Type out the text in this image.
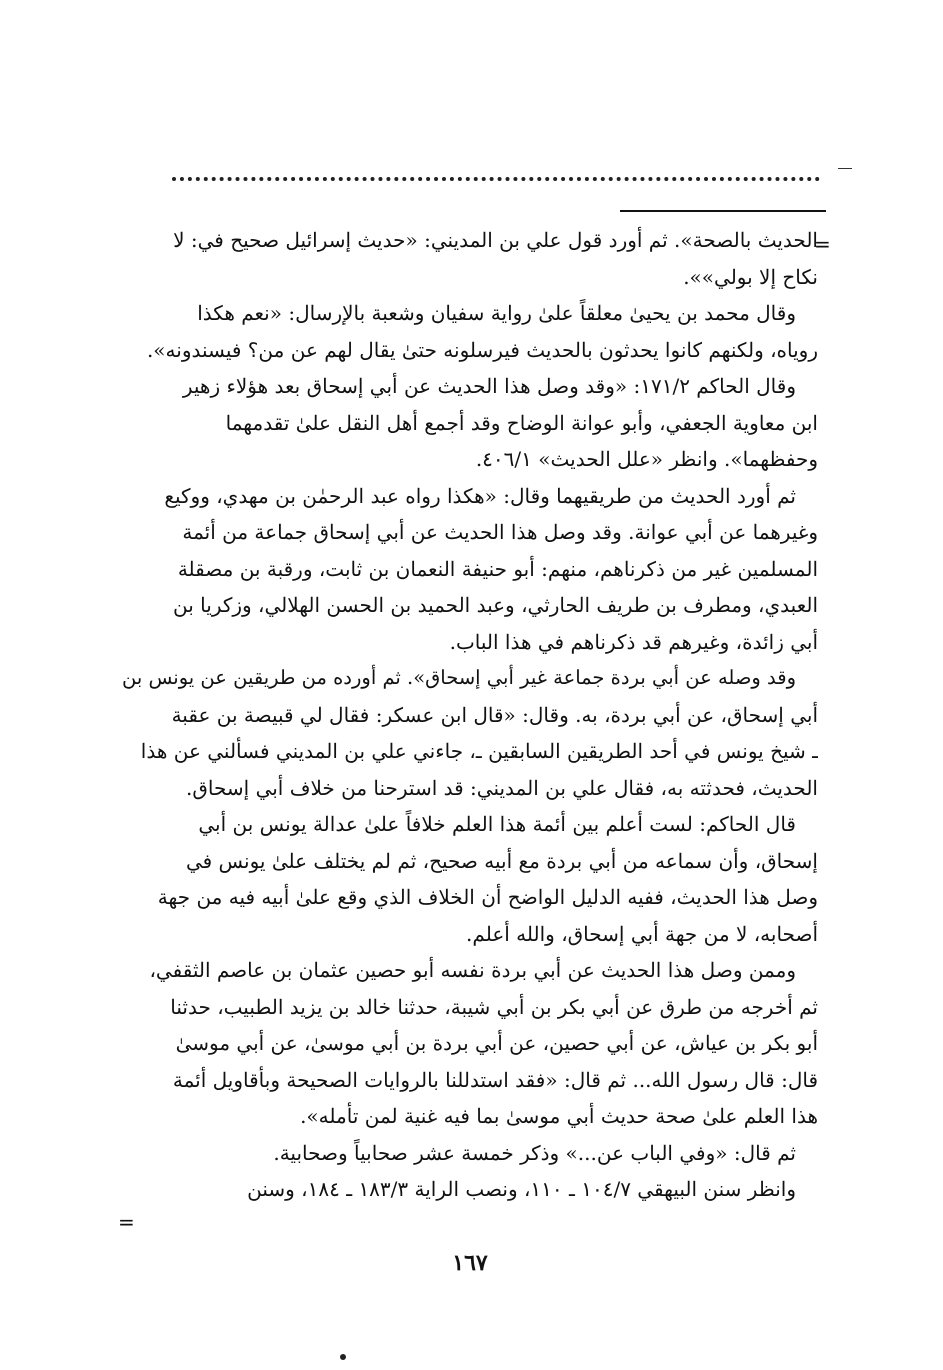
=
الحديث بالصحة». ثم أورد قول علي بن المديني: «حديث إسرائيل صحيح في: لا
نكاح إلا بولي»».
وقال محمد بن يحيىٰ معلقاً علىٰ رواية سفيان وشعبة بالإرسال: «نعم هكذا
روياه، ولكنهم كانوا يحدثون بالحديث فيرسلونه حتىٰ يقال لهم عن من؟ فيسندونه».
وقال الحاكم ١٧١/٢: «وقد وصل هذا الحديث عن أبي إسحاق بعد هؤلاء زهير
ابن معاوية الجعفي، وأبو عوانة الوضاح وقد أجمع أهل النقل علىٰ تقدمهما
وحفظهما». وانظر «علل الحديث» ٤٠٦/١.
ثم أورد الحديث من طريقيهما وقال: «هكذا رواه عبد الرحمٰن بن مهدي، ووكيع
وغيرهما عن أبي عوانة. وقد وصل هذا الحديث عن أبي إسحاق جماعة من أئمة
المسلمين غير من ذكرناهم، منهم: أبو حنيفة النعمان بن ثابت، ورقبة بن مصقلة
العبدي، ومطرف بن طريف الحارثي، وعبد الحميد بن الحسن الهلالي، وزكريا بن
أبي زائدة، وغيرهم قد ذكرناهم في هذا الباب.
وقد وصله عن أبي بردة جماعة غير أبي إسحاق». ثم أورده من طريقين عن يونس بن
أبي إسحاق، عن أبي بردة، به. وقال: «قال ابن عسكر: فقال لي قبيصة بن عقبة
ـ شيخ يونس في أحد الطريقين السابقين ـ، جاءني علي بن المديني فسألني عن هذا
الحديث، فحدثته به، فقال علي بن المديني: قد استرحنا من خلاف أبي إسحاق.
قال الحاكم: لست أعلم بين أئمة هذا العلم خلافاً علىٰ عدالة يونس بن أبي
إسحاق، وأن سماعه من أبي بردة مع أبيه صحيح، ثم لم يختلف علىٰ يونس في
وصل هذا الحديث، ففيه الدليل الواضح أن الخلاف الذي وقع علىٰ أبيه فيه من جهة
أصحابه، لا من جهة أبي إسحاق، والله أعلم.
وممن وصل هذا الحديث عن أبي بردة نفسه أبو حصين عثمان بن عاصم الثقفي،
ثم أخرجه من طرق عن أبي بكر بن أبي شيبة، حدثنا خالد بن يزيد الطبيب، حدثنا
أبو بكر بن عياش، عن أبي حصين، عن أبي بردة بن أبي موسىٰ، عن أبي موسىٰ
قال: قال رسول الله... ثم قال: «فقد استدللنا بالروايات الصحيحة وبأقاويل أئمة
هذا العلم علىٰ صحة حديث أبي موسىٰ بما فيه غنية لمن تأمله».
ثم قال: «وفي الباب عن...» وذكر خمسة عشر صحابياً وصحابية.
وانظر سنن البيهقي ١٠٤/٧ ـ ١١٠، ونصب الراية ١٨٣/٣ ـ ١٨٤، وسنن
=
١٦٧
